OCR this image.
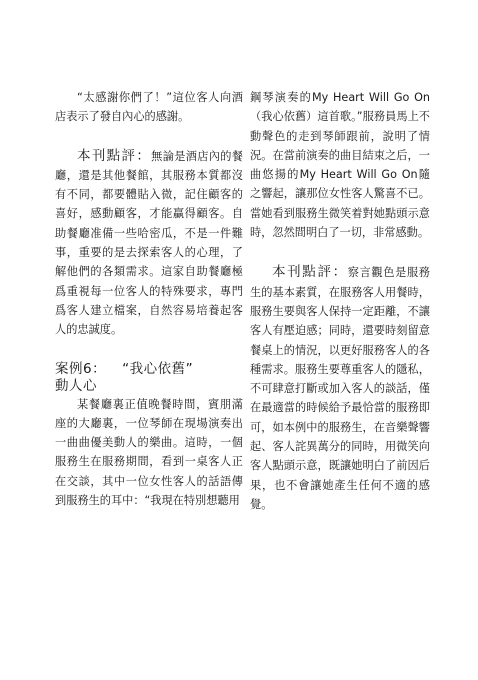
“太感謝你們了！”這位客人向酒店表示了發自內心的感謝。

本刊點評：無論是酒店內的餐廳，還是其他餐館，其服務本質都沒有不同，都要體貼入微，記住顧客的喜好，感動顧客，才能贏得顧客。自助餐廳准備一些哈密瓜，不是一件難事，重要的是去探索客人的心理，了解他們的各類需求。這家自助餐廳極爲重視每一位客人的特殊要求，專門爲客人建立檔案，自然容易培養起客人的忠誠度。

案例6： “我心依舊”
動人心

某餐廳裏正值晚餐時間，賓朋滿座的大廳裏，一位琴師在現場演奏出一曲曲優美動人的樂曲。這時，一個服務生在服務期間，看到一桌客人正在交談，其中一位女性客人的話語傳到服務生的耳中：“我現在特別想聽用

鋼琴演奏的My Heart Will Go On（我心依舊）這首歌。”服務員馬上不動聲色的走到琴師跟前，說明了情況。在當前演奏的曲目結束之后，一曲悠揚的My Heart Will Go On隨之響起，讓那位女性客人驚喜不已。當她看到服務生微笑着對她點頭示意時，忽然間明白了一切，非常感動。

本刊點評：察言觀色是服務生的基本素質，在服務客人用餐時，服務生要與客人保持一定距離，不讓客人有壓迫感；同時，還要時刻留意餐桌上的情況，以更好服務客人的各種需求。服務生要尊重客人的隱私，不可肆意打斷或加入客人的談話，僅在最適當的時候給予最恰當的服務即可，如本例中的服務生，在音樂聲響起、客人詫異萬分的同時，用微笑向客人點頭示意，既讓她明白了前因后果，也不會讓她產生任何不適的感覺。
